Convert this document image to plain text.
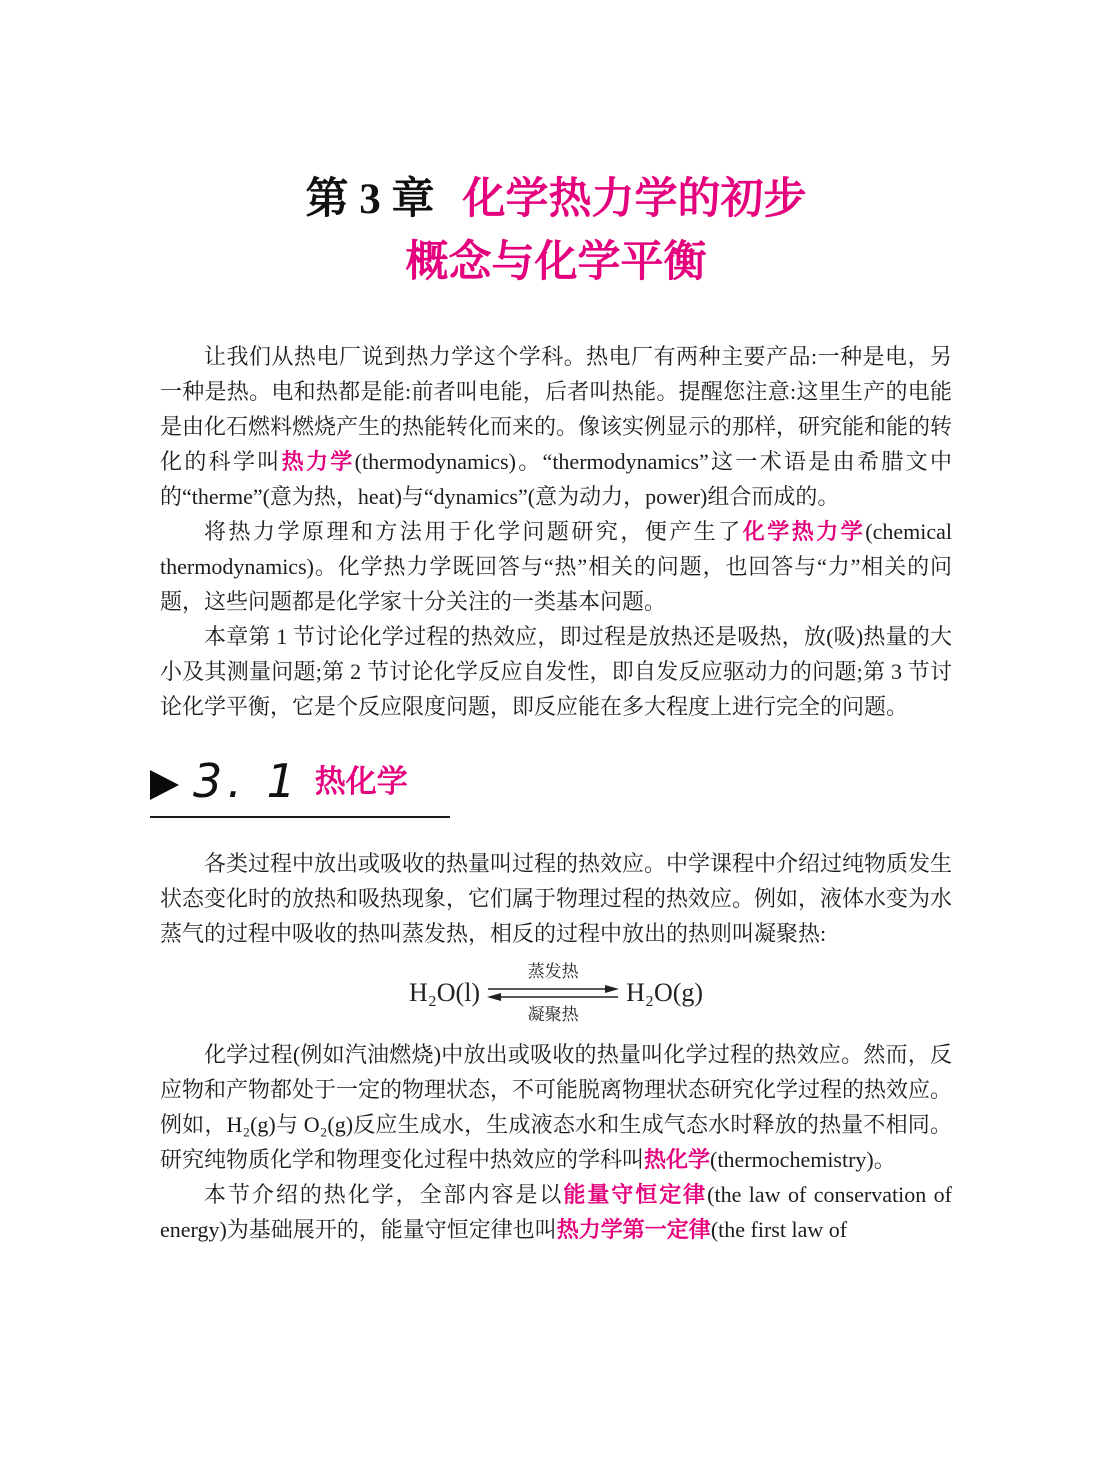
第 3 章 化学热力学的初步
概念与化学平衡

让我们从热电厂说到热力学这个学科。热电厂有两种主要产品:一种是电，另一种是热。电和热都是能:前者叫电能，后者叫热能。提醒您注意:这里生产的电能是由化石燃料燃烧产生的热能转化而来的。像该实例显示的那样，研究能和能的转化的科学叫热力学(thermodynamics)。“thermodynamics”这一术语是由希腊文中的“therme”(意为热，heat)与“dynamics”(意为动力，power)组合而成的。

将热力学原理和方法用于化学问题研究，便产生了化学热力学(chemical thermodynamics)。化学热力学既回答与“热”相关的问题，也回答与“力”相关的问题，这些问题都是化学家十分关注的一类基本问题。

本章第 1 节讨论化学过程的热效应，即过程是放热还是吸热，放(吸)热量的大小及其测量问题;第 2 节讨论化学反应自发性，即自发反应驱动力的问题;第 3 节讨论化学平衡，它是个反应限度问题，即反应能在多大程度上进行完全的问题。

3. 1 热化学

各类过程中放出或吸收的热量叫过程的热效应。中学课程中介绍过纯物质发生状态变化时的放热和吸热现象，它们属于物理过程的热效应。例如，液体水变为水蒸气的过程中吸收的热叫蒸发热，相反的过程中放出的热则叫凝聚热:

H₂O(l)
蒸发热
凝聚热
H₂O(g)

化学过程(例如汽油燃烧)中放出或吸收的热量叫化学过程的热效应。然而，反应物和产物都处于一定的物理状态，不可能脱离物理状态研究化学过程的热效应。例如，H₂(g)与 O₂(g)反应生成水，生成液态水和生成气态水时释放的热量不相同。研究纯物质化学和物理变化过程中热效应的学科叫热化学(thermochemistry)。

本节介绍的热化学，全部内容是以能量守恒定律(the law of conservation of energy)为基础展开的，能量守恒定律也叫热力学第一定律(the first law of
